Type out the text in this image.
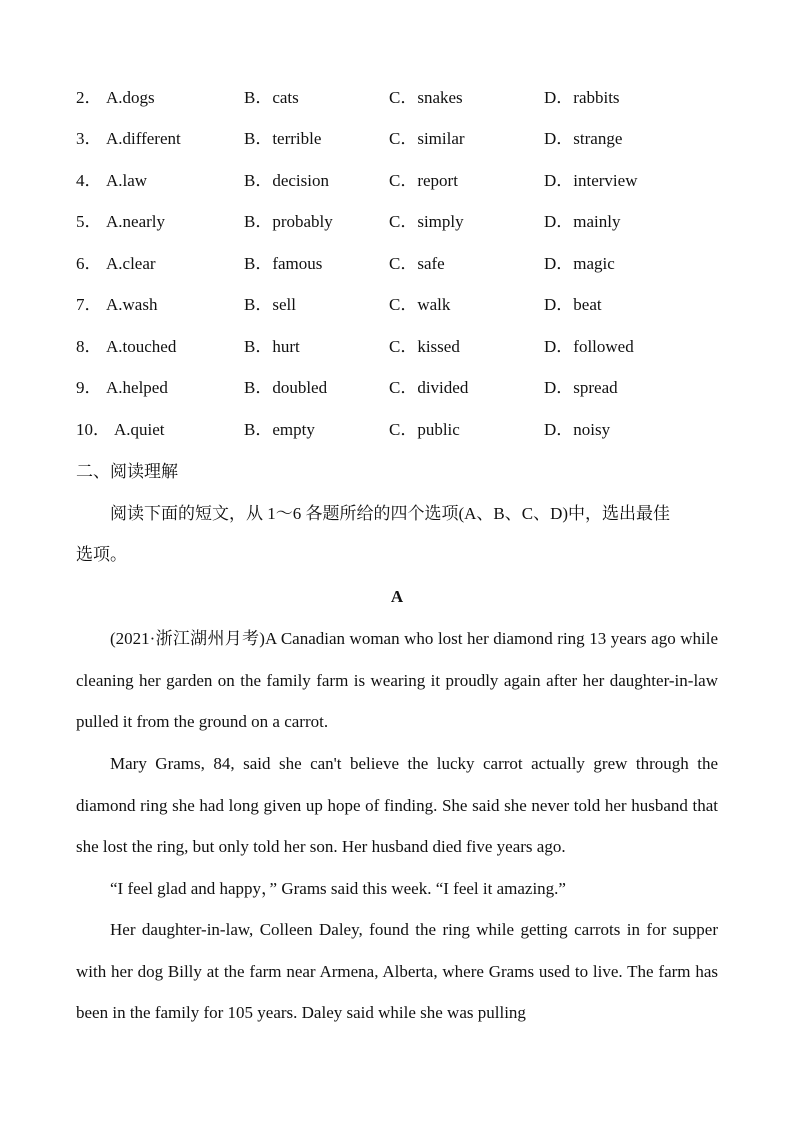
2． A.dogs	B．cats	C．snakes	D．rabbits
3． A.different	B．terrible	C．similar	D．strange
4． A.law	B．decision	C．report	D．interview
5． A.nearly	B．probably	C．simply	D．mainly
6． A.clear	B．famous	C．safe	D．magic
7． A.wash	B．sell	C．walk	D．beat
8． A.touched	B．hurt	C．kissed	D．followed
9． A.helped	B．doubled	C．divided	D．spread
10． A.quiet	B．empty	C．public	D．noisy
二、阅读理解
阅读下面的短文，从 1～6 各题所给的四个选项(A、B、C、D)中，选出最佳
选项。
A
(2021·浙江湖州月考)A Canadian woman who lost her diamond ring 13 years ago while cleaning her garden on the family farm is wearing it proudly again after her daughter-in-law pulled it from the ground on a carrot.
Mary Grams, 84, said she can't believe the lucky carrot actually grew through the diamond ring she had long given up hope of finding. She said she never told her husband that she lost the ring, but only told her son. Her husband died five years ago.
“I feel glad and happy，” Grams said this week. “I feel it amazing.”
Her daughter-in-law, Colleen Daley, found the ring while getting carrots in for supper with her dog Billy at the farm near Armena, Alberta, where Grams used to live. The farm has been in the family for 105 years. Daley said while she was pulling
